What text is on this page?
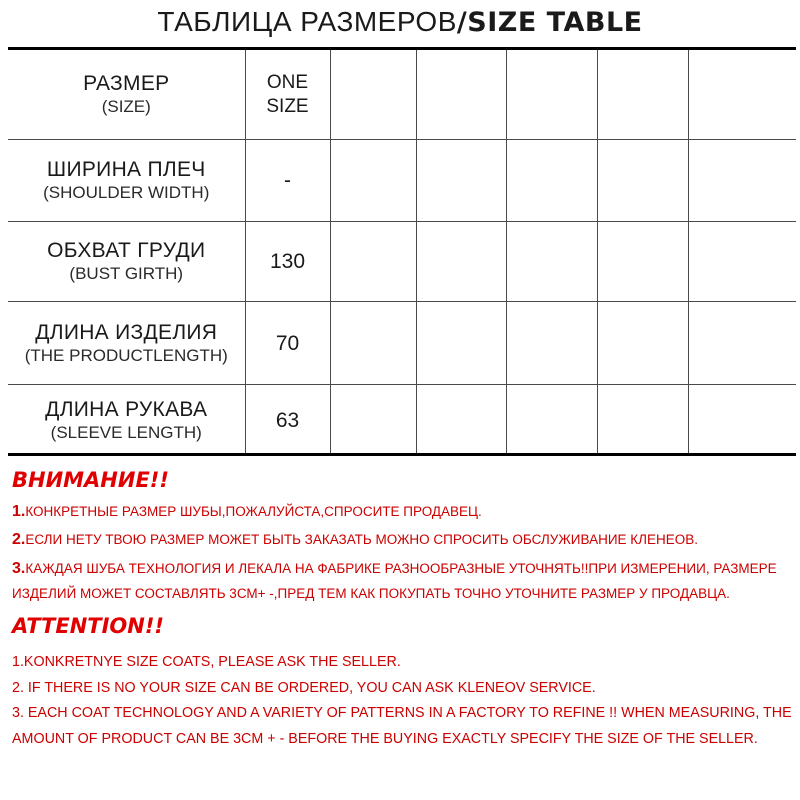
ТАБЛИЦА РАЗМЕРОВ/SIZE TABLE
РАЗМЕР
(SIZE)	ONE SIZE					

ШИРИНА ПЛЕЧ
(SHOULDER WIDTH)	-					

ОБХВАТ ГРУДИ
(BUST GIRTH)	130					

ДЛИНА ИЗДЕЛИЯ
(THE PRODUCTLENGTH)	70					

ДЛИНА РУКАВА
(SLEEVE LENGTH)	63					

ВНИМАНИЕ!!
1.КОНКРЕТНЫЕ РАЗМЕР ШУБЫ,ПОЖАЛУЙСТА,СПРОСИТЕ ПРОДАВЕЦ.
2.ЕСЛИ НЕТУ ТВОЮ РАЗМЕР МОЖЕТ БЫТЬ ЗАКАЗАТЬ МОЖНО СПРОСИТЬ ОБСЛУЖИВАНИЕ КЛЕНЕОВ.
3.КАЖДАЯ ШУБА ТЕХНОЛОГИЯ И ЛЕКАЛА НА ФАБРИКЕ РАЗНООБРАЗНЫЕ УТОЧНЯТЬ!!ПРИ ИЗМЕРЕНИИ, РАЗМЕРЕ ИЗДЕЛИЙ МОЖЕТ СОСТАВЛЯТЬ 3СМ+ -,ПРЕД ТЕМ КАК ПОКУПАТЬ ТОЧНО УТОЧНИТЕ РАЗМЕР У ПРОДАВЦА.
ATTENTION!!
1.KONKRETNYE SIZE COATS, PLEASE ASK THE SELLER.
2. IF THERE IS NO YOUR SIZE CAN BE ORDERED, YOU CAN ASK KLENEOV SERVICE.
3. EACH COAT TECHNOLOGY AND A VARIETY OF PATTERNS IN A FACTORY TO REFINE !! WHEN MEASURING, THE AMOUNT OF PRODUCT CAN BE 3CM + - BEFORE THE BUYING EXACTLY SPECIFY THE SIZE OF THE SELLER.
